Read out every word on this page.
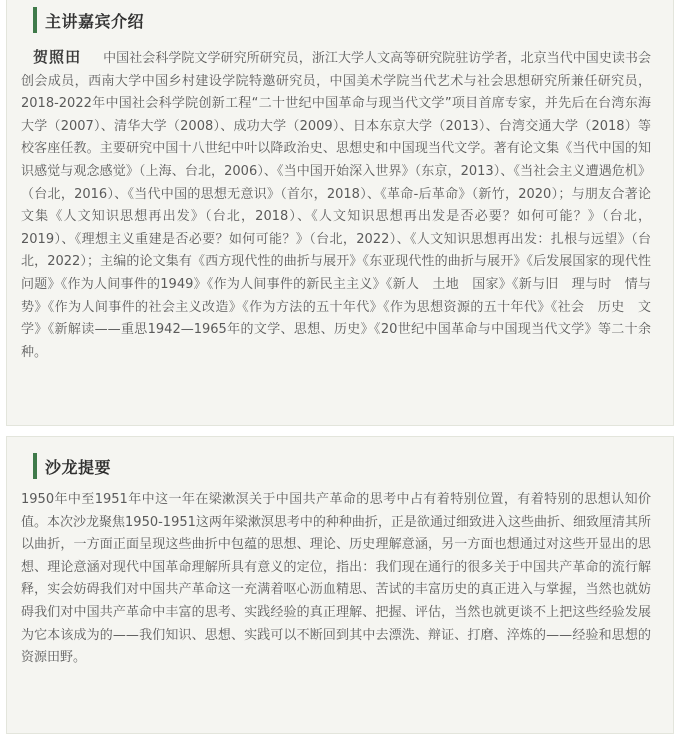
主讲嘉宾介绍

贺照田 中国社会科学院文学研究所研究员，浙江大学人文高等研究院驻访学者，北京当代中国史读书会创会成员，西南大学中国乡村建设学院特邀研究员，中国美术学院当代艺术与社会思想研究所兼任研究员，2018-2022年中国社会科学院创新工程“二十世纪中国革命与现当代文学”项目首席专家，并先后在台湾东海大学（2007）、清华大学（2008）、成功大学（2009）、日本东京大学（2013）、台湾交通大学（2018）等校客座任教。主要研究中国十八世纪中叶以降政治史、思想史和中国现当代文学。著有论文集《当代中国的知识感觉与观念感觉》（上海、台北，2006）、《当中国开始深入世界》（东京，2013）、《当社会主义遭遇危机》（台北，2016）、《当代中国的思想无意识》（首尔，2018）、《革命-后革命》（新竹，2020）；与朋友合著论文集《人文知识思想再出发》（台北，2018）、《人文知识思想再出发是否必要？如何可能？》（台北，2019）、《理想主义重建是否必要？如何可能？》（台北，2022）、《人文知识思想再出发：扎根与远望》（台北，2022）；主编的论文集有《西方现代性的曲折与展开》《东亚现代性的曲折与展开》《后发展国家的现代性问题》《作为人间事件的1949》《作为人间事件的新民主主义》《新人　土地　国家》《新与旧　理与时　情与势》《作为人间事件的社会主义改造》《作为方法的五十年代》《作为思想资源的五十年代》《社会　历史　文学》《新解读——重思1942—1965年的文学、思想、历史》《20世纪中国革命与中国现当代文学》等二十余种。

沙龙提要

1950年中至1951年中这一年在梁漱溟关于中国共产革命的思考中占有着特别位置，有着特别的思想认知价值。本次沙龙聚焦1950-1951这两年梁漱溟思考中的种种曲折，正是欲通过细致进入这些曲折、细致厘清其所以曲折，一方面正面呈现这些曲折中包蕴的思想、理论、历史理解意涵，另一方面也想通过对这些开显出的思想、理论意涵对现代中国革命理解所具有意义的定位，指出：我们现在通行的很多关于中国共产革命的流行解释，实会妨碍我们对中国共产革命这一充满着呕心沥血精思、苦试的丰富历史的真正进入与掌握，当然也就妨碍我们对中国共产革命中丰富的思考、实践经验的真正理解、把握、评估，当然也就更谈不上把这些经验发展为它本该成为的——我们知识、思想、实践可以不断回到其中去漂洗、辩证、打磨、淬炼的——经验和思想的资源田野。
